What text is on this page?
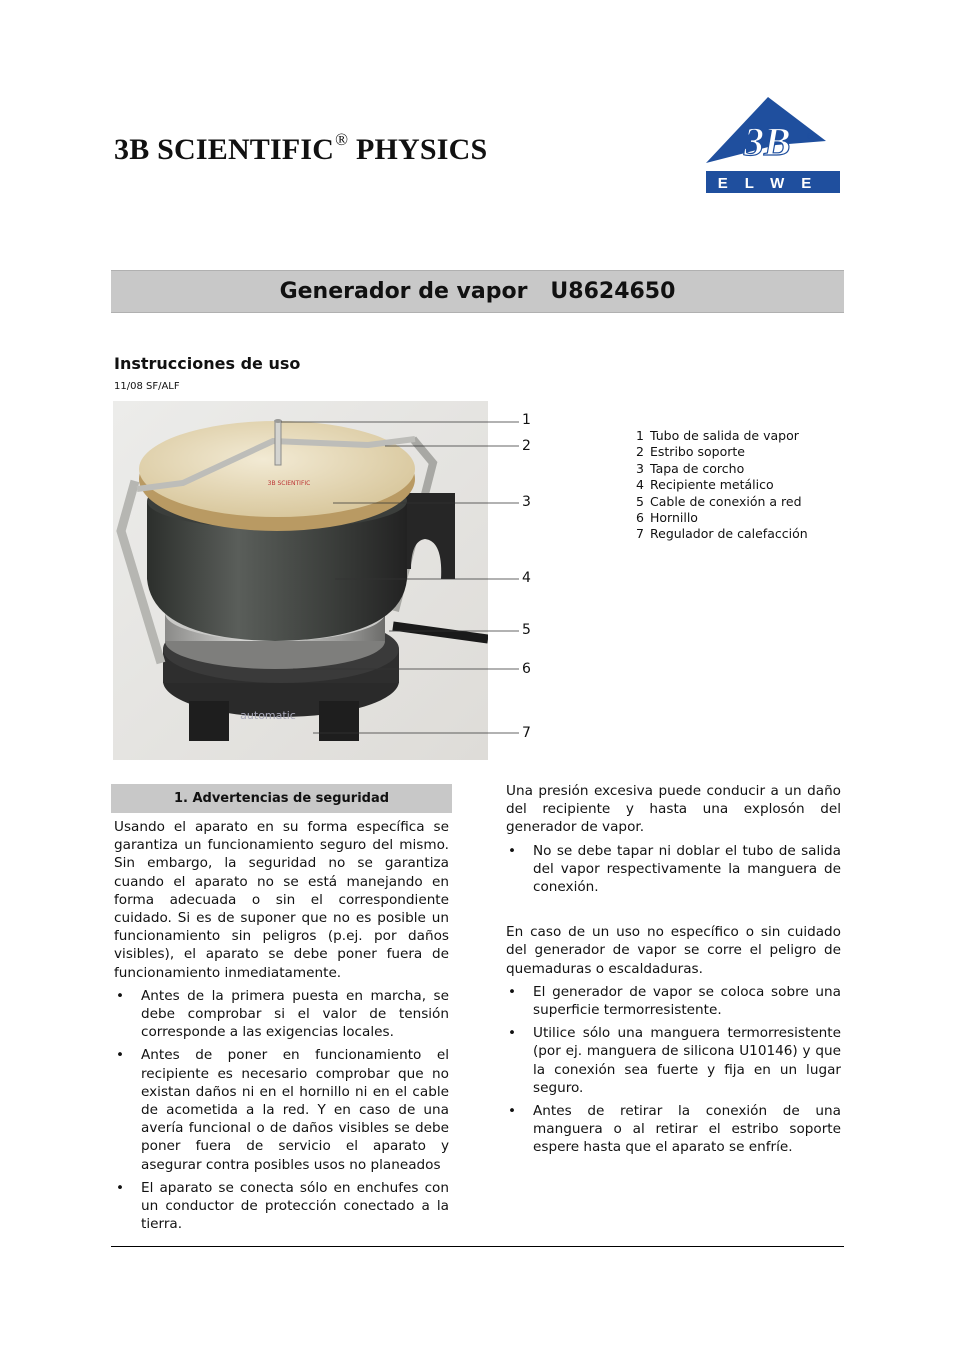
3B SCIENTIFIC® PHYSICS	3B ®
ELWE
Generador de vapor
U8624650
Instrucciones de uso
11/08 SF/ALF
automatic
3B SCIENTIFIC
1
2
3
4
5
6
7
1 Tubo de salida de vapor
2 Estribo soporte
3 Tapa de corcho
4 Recipiente metálico
5 Cable de conexión a red
6 Hornillo
7 Regulador de calefacción
1. Advertencias de seguridad

Usando el aparato en su forma específica se garantiza un funcionamiento seguro del mismo. Sin embargo, la seguridad no se garantiza cuando el aparato no se está manejando en forma adecuada o sin el correspondiente cuidado. Si es de suponer que no es posible un funcionamiento sin peligros (p.ej. por daños visibles), el aparato se debe poner fuera de funcionamiento inmediatamente.

• Antes de la primera puesta en marcha, se debe comprobar si el valor de tensión corresponde a las exigencias locales.
• Antes de poner en funcionamiento el recipiente es necesario comprobar que no existan daños ni en el hornillo ni en el cable de acometida a la red. Y en caso de una avería funcional o de daños visibles se debe poner fuera de servicio el aparato y asegurar contra posibles usos no planeados
• El aparato se conecta sólo en enchufes con un conductor de protección conectado a la tierra.

Una presión excesiva puede conducir a un daño del recipiente y hasta una explosón del generador de vapor.

• No se debe tapar ni doblar el tubo de salida del vapor respectivamente la manguera de conexión.

En caso de un uso no específico o sin cuidado del generador de vapor se corre el peligro de quemaduras o escaldaduras.

• El generador de vapor se coloca sobre una superficie termorresistente.
• Utilice sólo una manguera termorresistente (por ej. manguera de silicona U10146) y que la conexión sea fuerte y fija en un lugar seguro.
• Antes de retirar la conexión de una manguera o al retirar el estribo soporte espere hasta que el aparato se enfríe.
